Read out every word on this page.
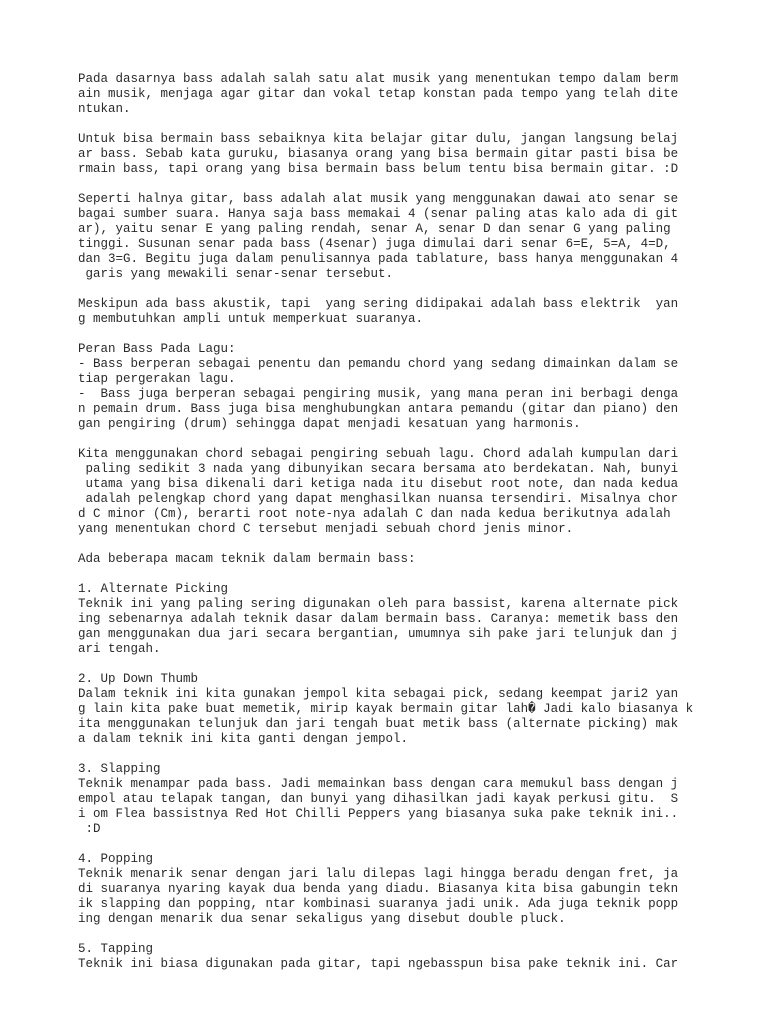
Pada dasarnya bass adalah salah satu alat musik yang menentukan tempo dalam berm
ain musik, menjaga agar gitar dan vokal tetap konstan pada tempo yang telah dite
ntukan.
Untuk bisa bermain bass sebaiknya kita belajar gitar dulu, jangan langsung belaj
ar bass. Sebab kata guruku, biasanya orang yang bisa bermain gitar pasti bisa be
rmain bass, tapi orang yang bisa bermain bass belum tentu bisa bermain gitar. :D
Seperti halnya gitar, bass adalah alat musik yang menggunakan dawai ato senar se
bagai sumber suara. Hanya saja bass memakai 4 (senar paling atas kalo ada di git
ar), yaitu senar E yang paling rendah, senar A, senar D dan senar G yang paling
tinggi. Susunan senar pada bass (4senar) juga dimulai dari senar 6=E, 5=A, 4=D,
dan 3=G. Begitu juga dalam penulisannya pada tablature, bass hanya menggunakan 4
garis yang mewakili senar-senar tersebut.
Meskipun ada bass akustik, tapi  yang sering didipakai adalah bass elektrik  yan
g membutuhkan ampli untuk memperkuat suaranya.
Peran Bass Pada Lagu:
- Bass berperan sebagai penentu dan pemandu chord yang sedang dimainkan dalam se
tiap pergerakan lagu.
-  Bass juga berperan sebagai pengiring musik, yang mana peran ini berbagi denga
n pemain drum. Bass juga bisa menghubungkan antara pemandu (gitar dan piano) den
gan pengiring (drum) sehingga dapat menjadi kesatuan yang harmonis.
Kita menggunakan chord sebagai pengiring sebuah lagu. Chord adalah kumpulan dari
paling sedikit 3 nada yang dibunyikan secara bersama ato berdekatan. Nah, bunyi
utama yang bisa dikenali dari ketiga nada itu disebut root note, dan nada kedua
adalah pelengkap chord yang dapat menghasilkan nuansa tersendiri. Misalnya chor
d C minor (Cm), berarti root note-nya adalah C dan nada kedua berikutnya adalah
yang menentukan chord C tersebut menjadi sebuah chord jenis minor.
Ada beberapa macam teknik dalam bermain bass:
1. Alternate Picking
Teknik ini yang paling sering digunakan oleh para bassist, karena alternate pick
ing sebenarnya adalah teknik dasar dalam bermain bass. Caranya: memetik bass den
gan menggunakan dua jari secara bergantian, umumnya sih pake jari telunjuk dan j
ari tengah.
2. Up Down Thumb
Dalam teknik ini kita gunakan jempol kita sebagai pick, sedang keempat jari2 yan
g lain kita pake buat memetik, mirip kayak bermain gitar lah� Jadi kalo biasanya k
ita menggunakan telunjuk dan jari tengah buat metik bass (alternate picking) mak
a dalam teknik ini kita ganti dengan jempol.
3. Slapping
Teknik menampar pada bass. Jadi memainkan bass dengan cara memukul bass dengan j
empol atau telapak tangan, dan bunyi yang dihasilkan jadi kayak perkusi gitu.  S
i om Flea bassistnya Red Hot Chilli Peppers yang biasanya suka pake teknik ini..
:D
4. Popping
Teknik menarik senar dengan jari lalu dilepas lagi hingga beradu dengan fret, ja
di suaranya nyaring kayak dua benda yang diadu. Biasanya kita bisa gabungin tekn
ik slapping dan popping, ntar kombinasi suaranya jadi unik. Ada juga teknik popp
ing dengan menarik dua senar sekaligus yang disebut double pluck.
5. Tapping
Teknik ini biasa digunakan pada gitar, tapi ngebasspun bisa pake teknik ini. Car
